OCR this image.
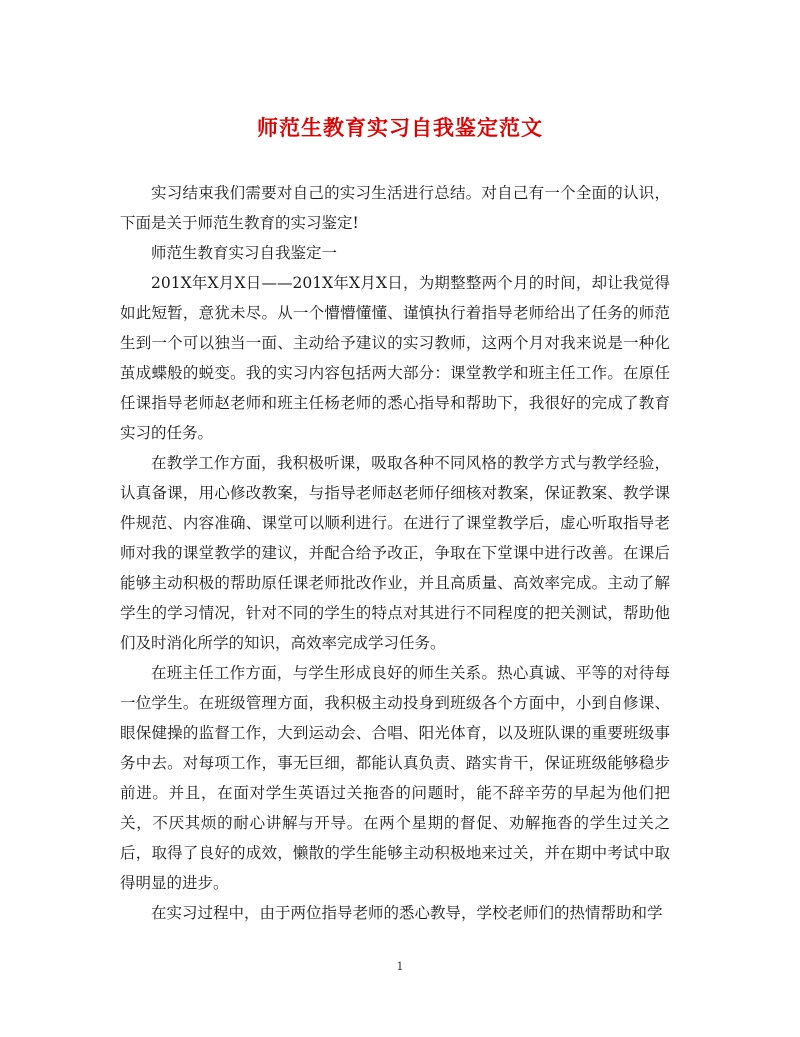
师范生教育实习自我鉴定范文

实习结束我们需要对自己的实习生活进行总结。对自己有一个全面的认识，下面是关于师范生教育的实习鉴定!

师范生教育实习自我鉴定一

201X年X月X日——201X年X月X日，为期整整两个月的时间，却让我觉得如此短暂，意犹未尽。从一个懵懵懂懂、谨慎执行着指导老师给出了任务的师范生到一个可以独当一面、主动给予建议的实习教师，这两个月对我来说是一种化茧成蝶般的蜕变。我的实习内容包括两大部分：课堂教学和班主任工作。在原任任课指导老师赵老师和班主任杨老师的悉心指导和帮助下，我很好的完成了教育实习的任务。

在教学工作方面，我积极听课，吸取各种不同风格的教学方式与教学经验，认真备课，用心修改教案，与指导老师赵老师仔细核对教案，保证教案、教学课件规范、内容准确、课堂可以顺利进行。在进行了课堂教学后，虚心听取指导老师对我的课堂教学的建议，并配合给予改正，争取在下堂课中进行改善。在课后能够主动积极的帮助原任课老师批改作业，并且高质量、高效率完成。主动了解学生的学习情况，针对不同的学生的特点对其进行不同程度的把关测试，帮助他们及时消化所学的知识，高效率完成学习任务。

在班主任工作方面，与学生形成良好的师生关系。热心真诚、平等的对待每一位学生。在班级管理方面，我积极主动投身到班级各个方面中，小到自修课、眼保健操的监督工作，大到运动会、合唱、阳光体育，以及班队课的重要班级事务中去。对每项工作，事无巨细，都能认真负责、踏实肯干，保证班级能够稳步前进。并且，在面对学生英语过关拖沓的问题时，能不辞辛劳的早起为他们把关，不厌其烦的耐心讲解与开导。在两个星期的督促、劝解拖沓的学生过关之后，取得了良好的成效，懒散的学生能够主动积极地来过关，并在期中考试中取得明显的进步。

在实习过程中，由于两位指导老师的悉心教导，学校老师们的热情帮助和学

1
